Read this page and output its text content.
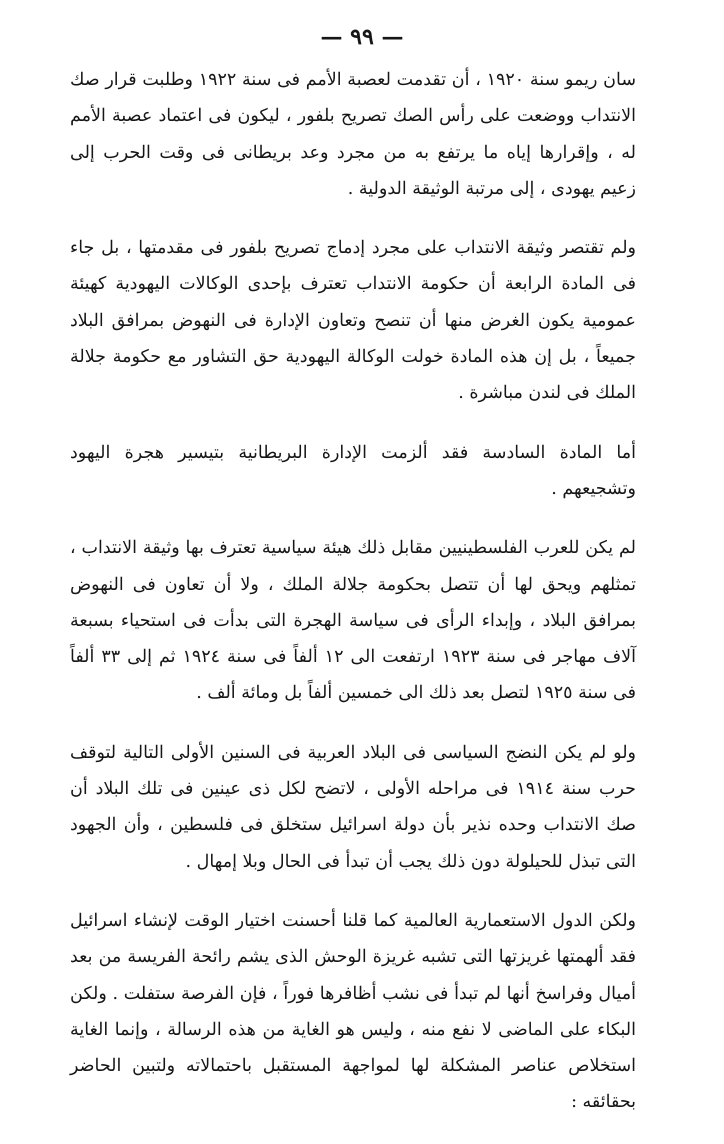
— ٩٩ —

سان ريمو سنة ١٩٢٠ ، أن تقدمت لعصبة الأمم فى سنة ١٩٢٢ وطلبت قرار صك الانتداب ووضعت على رأس الصك تصريح بلفور ، ليكون فى اعتماد عصبة الأمم له ، وإقرارها إياه ما يرتفع به من مجرد وعد بريطانى فى وقت الحرب إلى زعيم يهودى ، إلى مرتبة الوثيقة الدولية .

ولم تقتصر وثيقة الانتداب على مجرد إدماج تصريح بلفور فى مقدمتها ، بل جاء فى المادة الرابعة أن حكومة الانتداب تعترف بإحدى الوكالات اليهودية كهيئة عمومية يكون الغرض منها أن تنصح وتعاون الإدارة فى النهوض بمرافق البلاد جميعاً ، بل إن هذه المادة خولت الوكالة اليهودية حق التشاور مع حكومة جلالة الملك فى لندن مباشرة .

أما المادة السادسة فقد ألزمت الإدارة البريطانية بتيسير هجرة اليهود وتشجيعهم .

لم يكن للعرب الفلسطينيين مقابل ذلك هيئة سياسية تعترف بها وثيقة الانتداب ، تمثلهم ويحق لها أن تتصل بحكومة جلالة الملك ، ولا أن تعاون فى النهوض بمرافق البلاد ، وإبداء الرأى فى سياسة الهجرة التى بدأت فى استحياء بسبعة آلاف مهاجر فى سنة ١٩٢٣ ارتفعت الى ١٢ ألفاً فى سنة ١٩٢٤ ثم إلى ٣٣ ألفاً فى سنة ١٩٢٥ لتصل بعد ذلك الى خمسين ألفاً بل ومائة ألف .

ولو لم يكن النضج السياسى فى البلاد العربية فى السنين الأولى التالية لتوقف حرب سنة ١٩١٤ فى مراحله الأولى ، لاتضح لكل ذى عينين فى تلك البلاد أن صك الانتداب وحده نذير بأن دولة اسرائيل ستخلق فى فلسطين ، وأن الجهود التى تبذل للحيلولة دون ذلك يجب أن تبدأ فى الحال وبلا إمهال .

ولكن الدول الاستعمارية العالمية كما قلنا أحسنت اختيار الوقت لإنشاء اسرائيل فقد ألهمتها غريزتها التى تشبه غريزة الوحش الذى يشم رائحة الفريسة من بعد أميال وفراسخ أنها لم تبدأ فى نشب أظافرها فوراً ، فإن الفرصة ستفلت . ولكن البكاء على الماضى لا نفع منه ، وليس هو الغاية من هذه الرسالة ، وإنما الغاية استخلاص عناصر المشكلة لها لمواجهة المستقبل باحتمالاته ولتبين الحاضر بحقائقه :
